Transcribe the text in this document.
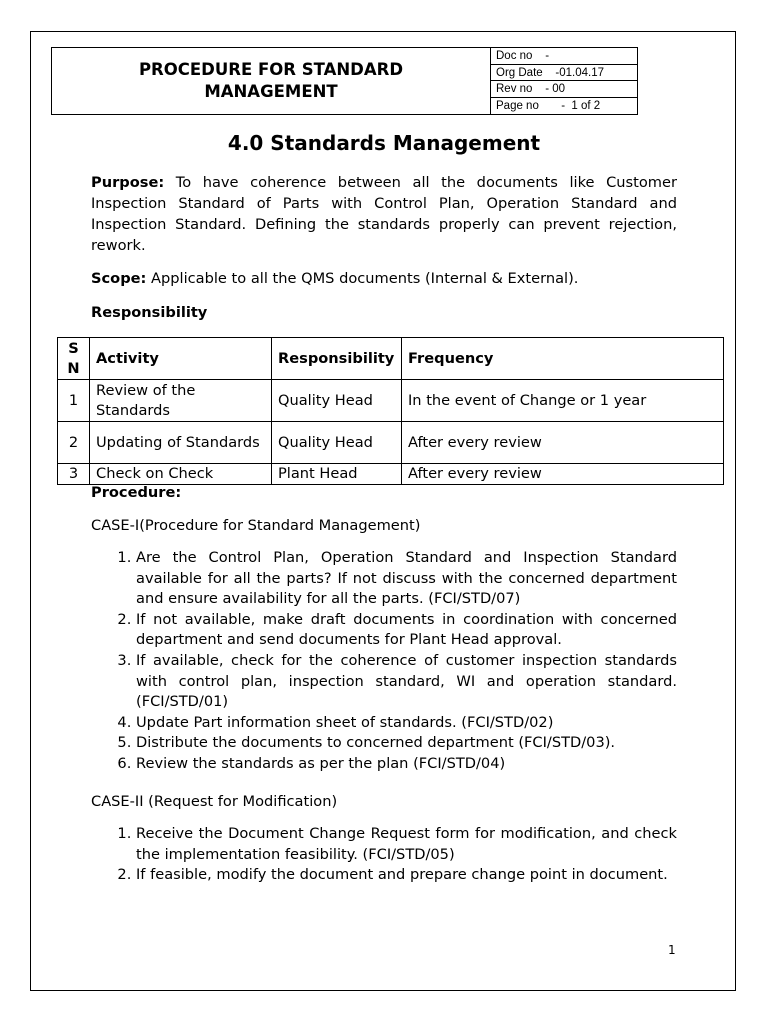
PROCEDURE FOR STANDARD
MANAGEMENT
Doc no    -
Org Date    -01.04.17
Rev no    - 00
Page no       -  1 of 2
4.0 Standards Management
Purpose: To have coherence between all the documents like Customer Inspection Standard of Parts with Control Plan, Operation Standard and Inspection Standard. Defining the standards properly can prevent rejection, rework.
Scope: Applicable to all the QMS documents (Internal & External).
Responsibility
S N	Activity	Responsibility	Frequency
1	Review of the Standards	Quality Head	In the event of Change or 1 year
2	Updating of Standards	Quality Head	After every review
3	Check on Check	Plant Head	After every review
Procedure:
CASE-I(Procedure for Standard Management)
1. Are the Control Plan, Operation Standard and Inspection Standard available for all the parts? If not discuss with the concerned department and ensure availability for all the parts. (FCI/STD/07)
2. If not available, make draft documents in coordination with concerned department and send documents for Plant Head approval.
3. If available, check for the coherence of customer inspection standards with control plan, inspection standard, WI and operation standard. (FCI/STD/01)
4. Update Part information sheet of standards. (FCI/STD/02)
5. Distribute the documents to concerned department (FCI/STD/03).
6. Review the standards as per the plan (FCI/STD/04)
CASE-II (Request for Modification)
1. Receive the Document Change Request form for modification, and check the implementation feasibility. (FCI/STD/05)
2. If feasible, modify the document and prepare change point in document.
1
